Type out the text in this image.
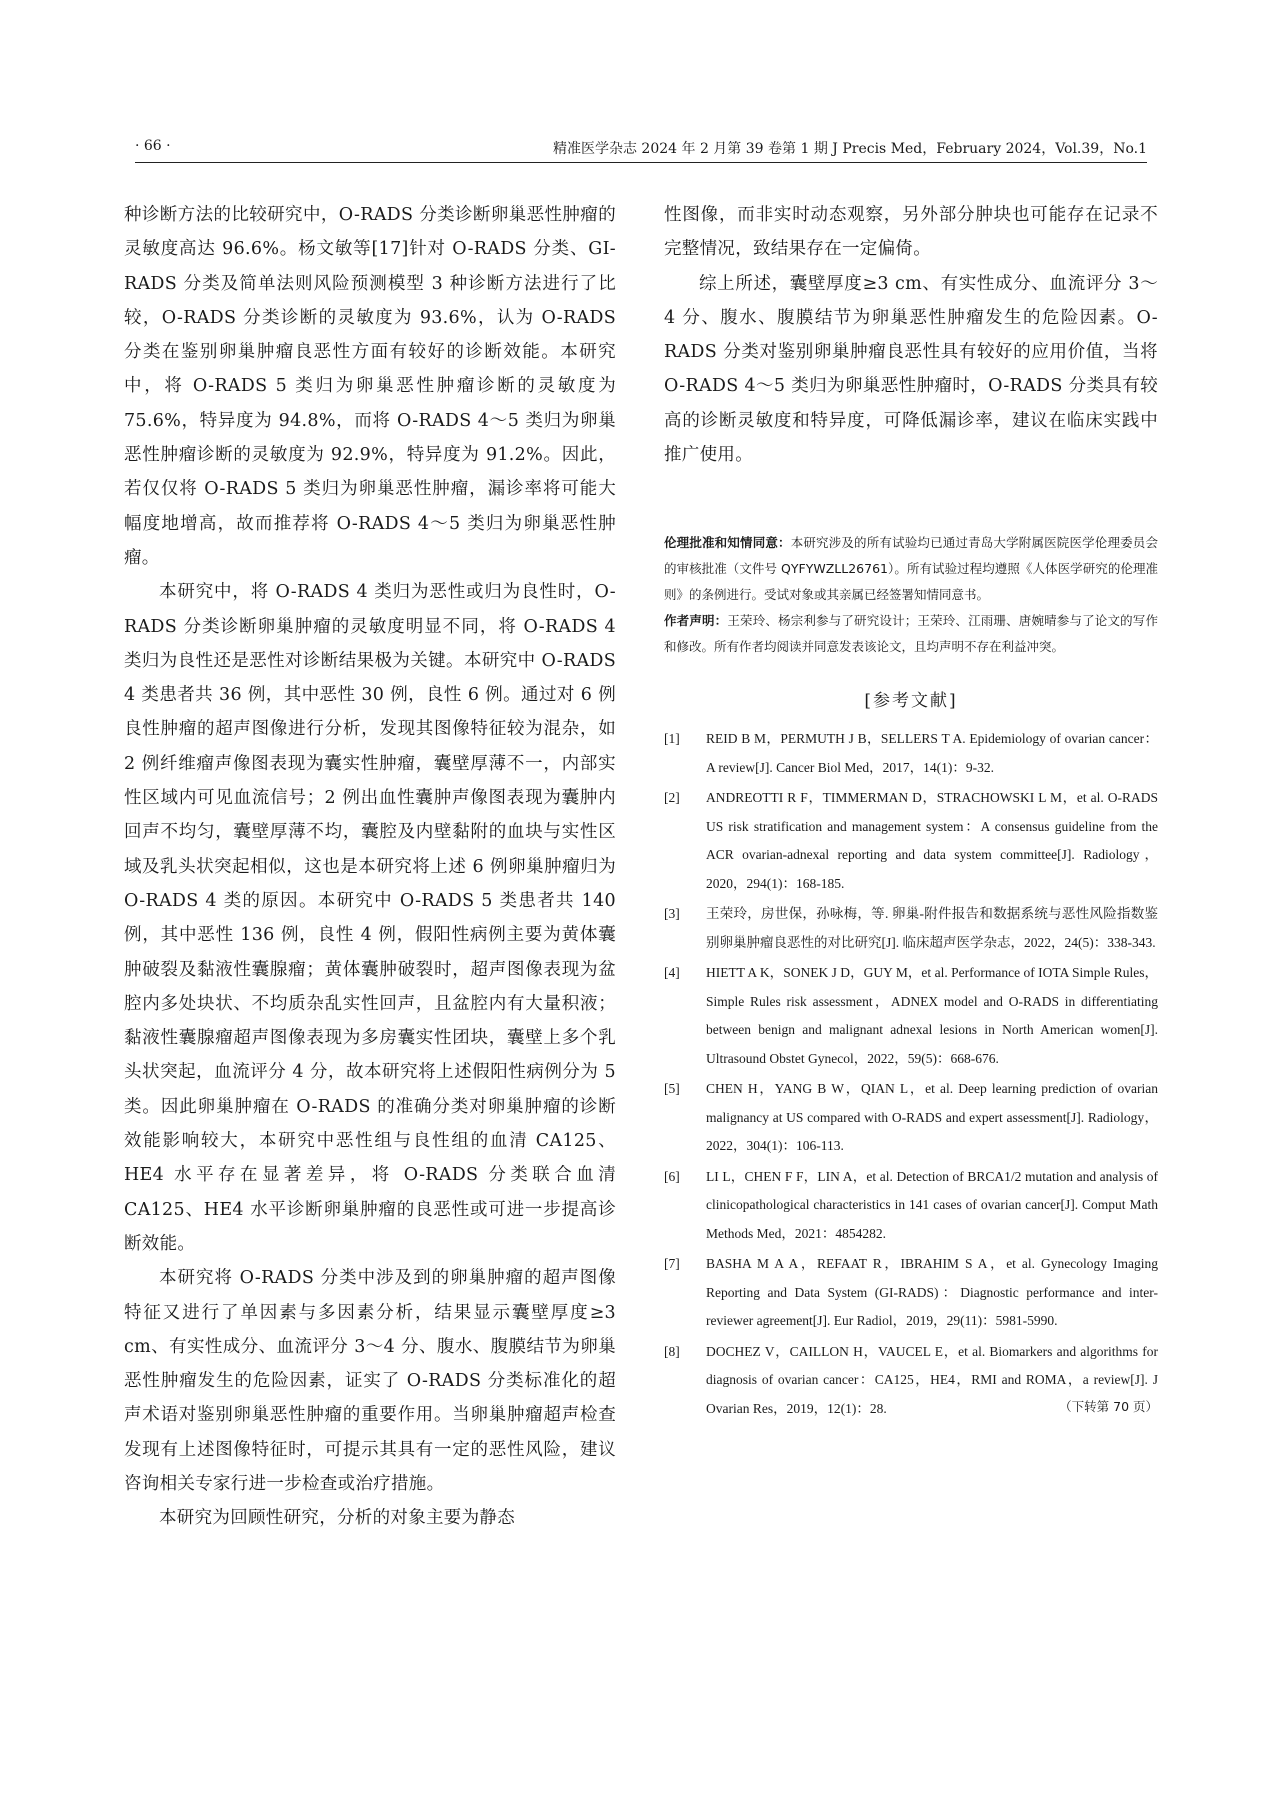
· 66 ·	精准医学杂志 2024 年 2 月第 39 卷第 1 期 J Precis Med，February 2024，Vol.39，No.1

种诊断方法的比较研究中，O-RADS 分类诊断卵巢恶性肿瘤的灵敏度高达 96.6%。杨文敏等[17]针对 O-RADS 分类、GI-RADS 分类及简单法则风险预测模型 3 种诊断方法进行了比较，O-RADS 分类诊断的灵敏度为 93.6%，认为 O-RADS 分类在鉴别卵巢肿瘤良恶性方面有较好的诊断效能。本研究中，将 O-RADS 5 类归为卵巢恶性肿瘤诊断的灵敏度为 75.6%，特异度为 94.8%，而将 O-RADS 4～5 类归为卵巢恶性肿瘤诊断的灵敏度为 92.9%，特异度为 91.2%。因此，若仅仅将 O-RADS 5 类归为卵巢恶性肿瘤，漏诊率将可能大幅度地增高，故而推荐将 O-RADS 4～5 类归为卵巢恶性肿瘤。

本研究中，将 O-RADS 4 类归为恶性或归为良性时，O-RADS 分类诊断卵巢肿瘤的灵敏度明显不同，将 O-RADS 4 类归为良性还是恶性对诊断结果极为关键。本研究中 O-RADS 4 类患者共 36 例，其中恶性 30 例，良性 6 例。通过对 6 例良性肿瘤的超声图像进行分析，发现其图像特征较为混杂，如 2 例纤维瘤声像图表现为囊实性肿瘤，囊壁厚薄不一，内部实性区域内可见血流信号；2 例出血性囊肿声像图表现为囊肿内回声不均匀，囊壁厚薄不均，囊腔及内壁黏附的血块与实性区域及乳头状突起相似，这也是本研究将上述 6 例卵巢肿瘤归为 O-RADS 4 类的原因。本研究中 O-RADS 5 类患者共 140 例，其中恶性 136 例，良性 4 例，假阳性病例主要为黄体囊肿破裂及黏液性囊腺瘤；黄体囊肿破裂时，超声图像表现为盆腔内多处块状、不均质杂乱实性回声，且盆腔内有大量积液；黏液性囊腺瘤超声图像表现为多房囊实性团块，囊壁上多个乳头状突起，血流评分 4 分，故本研究将上述假阳性病例分为 5 类。因此卵巢肿瘤在 O-RADS 的准确分类对卵巢肿瘤的诊断效能影响较大，本研究中恶性组与良性组的血清 CA125、HE4 水平存在显著差异，将 O-RADS 分类联合血清 CA125、HE4 水平诊断卵巢肿瘤的良恶性或可进一步提高诊断效能。

本研究将 O-RADS 分类中涉及到的卵巢肿瘤的超声图像特征又进行了单因素与多因素分析，结果显示囊壁厚度≥3 cm、有实性成分、血流评分 3～4 分、腹水、腹膜结节为卵巢恶性肿瘤发生的危险因素，证实了 O-RADS 分类标准化的超声术语对鉴别卵巢恶性肿瘤的重要作用。当卵巢肿瘤超声检查发现有上述图像特征时，可提示其具有一定的恶性风险，建议咨询相关专家行进一步检查或治疗措施。

本研究为回顾性研究，分析的对象主要为静态

性图像，而非实时动态观察，另外部分肿块也可能存在记录不完整情况，致结果存在一定偏倚。

综上所述，囊壁厚度≥3 cm、有实性成分、血流评分 3～4 分、腹水、腹膜结节为卵巢恶性肿瘤发生的危险因素。O-RADS 分类对鉴别卵巢肿瘤良恶性具有较好的应用价值，当将 O-RADS 4～5 类归为卵巢恶性肿瘤时，O-RADS 分类具有较高的诊断灵敏度和特异度，可降低漏诊率，建议在临床实践中推广使用。

伦理批准和知情同意：本研究涉及的所有试验均已通过青岛大学附属医院医学伦理委员会的审核批准（文件号 QYFYWZLL26761）。所有试验过程均遵照《人体医学研究的伦理准则》的条例进行。受试对象或其亲属已经签署知情同意书。

作者声明：王荣玲、杨宗利参与了研究设计；王荣玲、江雨珊、唐婉晴参与了论文的写作和修改。所有作者均阅读并同意发表该论文，且均声明不存在利益冲突。

[参考文献]
[1] REID B M，PERMUTH J B，SELLERS T A. Epidemiology of ovarian cancer：A review[J]. Cancer Biol Med，2017，14(1)：9-32.
[2] ANDREOTTI R F，TIMMERMAN D，STRACHOWSKI L M，et al. O-RADS US risk stratification and management system：A consensus guideline from the ACR ovarian-adnexal reporting and data system committee[J]. Radiology，2020，294(1)：168-185.
[3] 王荣玲，房世保，孙咏梅，等. 卵巢-附件报告和数据系统与恶性风险指数鉴别卵巢肿瘤良恶性的对比研究[J]. 临床超声医学杂志，2022，24(5)：338-343.
[4] HIETT A K，SONEK J D，GUY M，et al. Performance of IOTA Simple Rules，Simple Rules risk assessment，ADNEX model and O-RADS in differentiating between benign and malignant adnexal lesions in North American women[J]. Ultrasound Obstet Gynecol，2022，59(5)：668-676.
[5] CHEN H，YANG B W，QIAN L，et al. Deep learning prediction of ovarian malignancy at US compared with O-RADS and expert assessment[J]. Radiology，2022，304(1)：106-113.
[6] LI L，CHEN F F，LIN A，et al. Detection of BRCA1/2 mutation and analysis of clinicopathological characteristics in 141 cases of ovarian cancer[J]. Comput Math Methods Med，2021：4854282.
[7] BASHA M A A，REFAAT R，IBRAHIM S A，et al. Gynecology Imaging Reporting and Data System (GI-RADS)：Diagnostic performance and inter-reviewer agreement[J]. Eur Radiol，2019，29(11)：5981-5990.
[8] DOCHEZ V，CAILLON H，VAUCEL E，et al. Biomarkers and algorithms for diagnosis of ovarian cancer：CA125，HE4，RMI and ROMA，a review[J]. J Ovarian Res，2019，12(1)：28.	（下转第 70 页）
